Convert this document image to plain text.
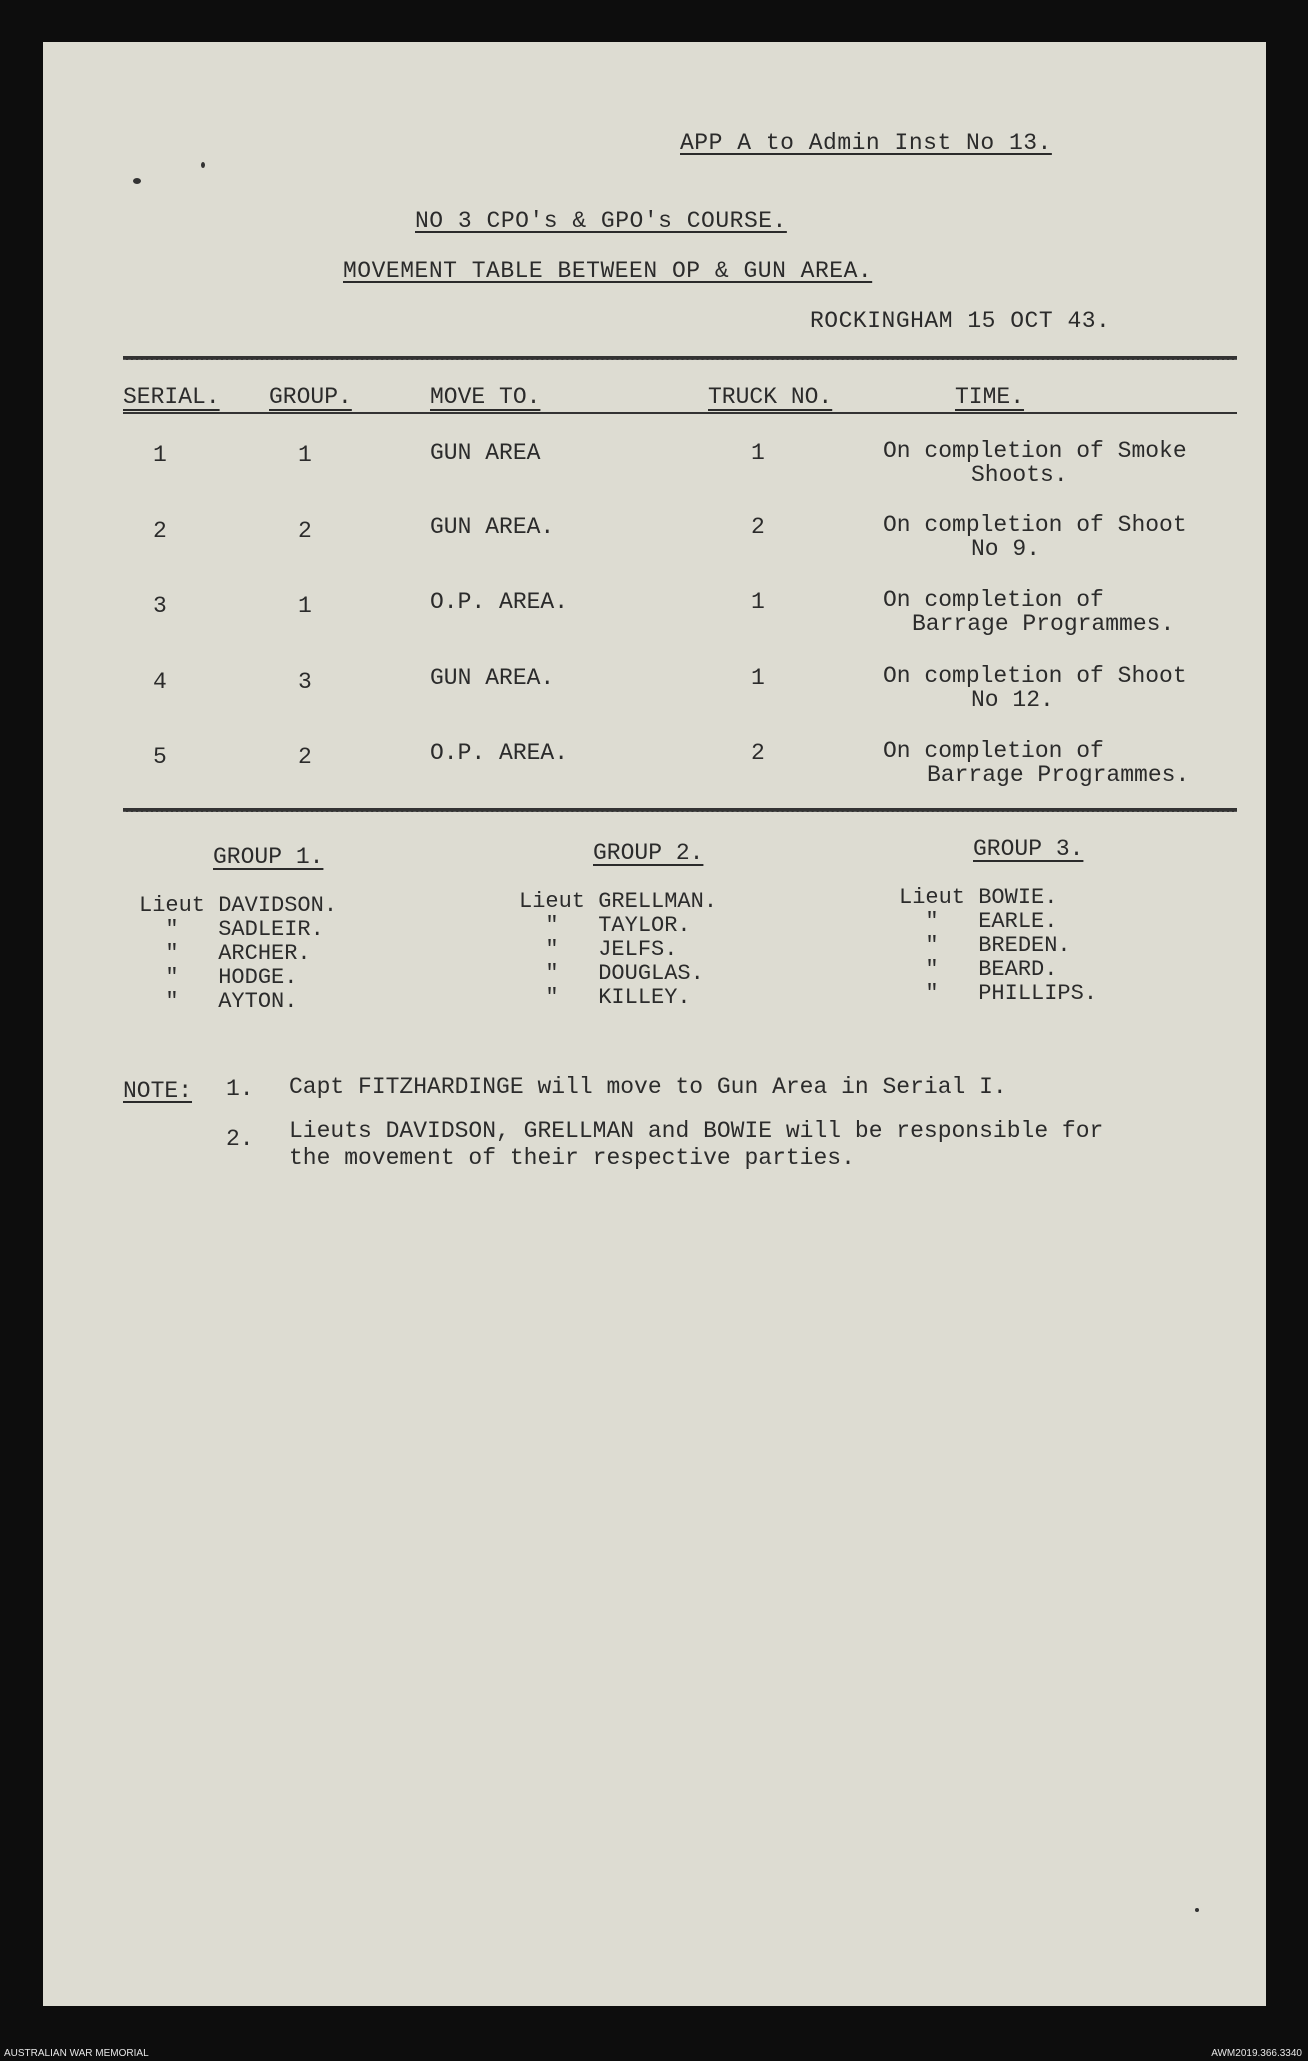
APP A to Admin Inst No 13.
NO 3 CPO's & GPO's COURSE.
MOVEMENT TABLE BETWEEN OP & GUN AREA.
ROCKINGHAM 15 OCT 43.
SERIAL. GROUP.	MOVE TO.	TRUCK NO.	TIME.
1	1	GUN AREA	1	On completion of Smoke
Shoots.
2	2	GUN AREA.	2	On completion of Shoot
No 9.
3	1	O.P. AREA.	1	On completion of
Barrage Programmes.
4	3	GUN AREA.	1	On completion of Shoot
No 12.
5	2	O.P. AREA.	2	On completion of
Barrage Programmes.
GROUP 1.
Lieut DAVIDSON.
"   SADLEIR.
"   ARCHER.
"   HODGE.
"   AYTON.
GROUP 2.
Lieut GRELLMAN.
"   TAYLOR.
"   JELFS.
"   DOUGLAS.
"   KILLEY.
GROUP 3.
Lieut BOWIE.
"   EARLE.
"   BREDEN.
"   BEARD.
"   PHILLIPS.
NOTE: 1. Capt FITZHARDINGE will move to Gun Area in Serial I.
2. Lieuts DAVIDSON, GRELLMAN and BOWIE will be responsible for
the movement of their respective parties.
AUSTRALIAN WAR MEMORIAL	AWM2019.366.3340
